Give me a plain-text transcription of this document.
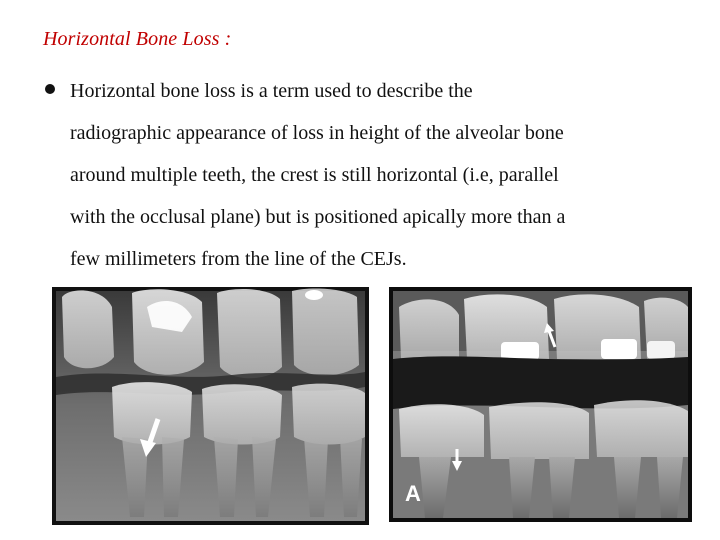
Horizontal Bone Loss :

Horizontal bone loss is a term used to describe the
radiographic appearance of loss in height of the alveolar bone
around multiple teeth, the crest is still horizontal (i.e, parallel
with the occlusal plane) but is positioned apically more than a
few millimeters from the line of the CEJs.

A
